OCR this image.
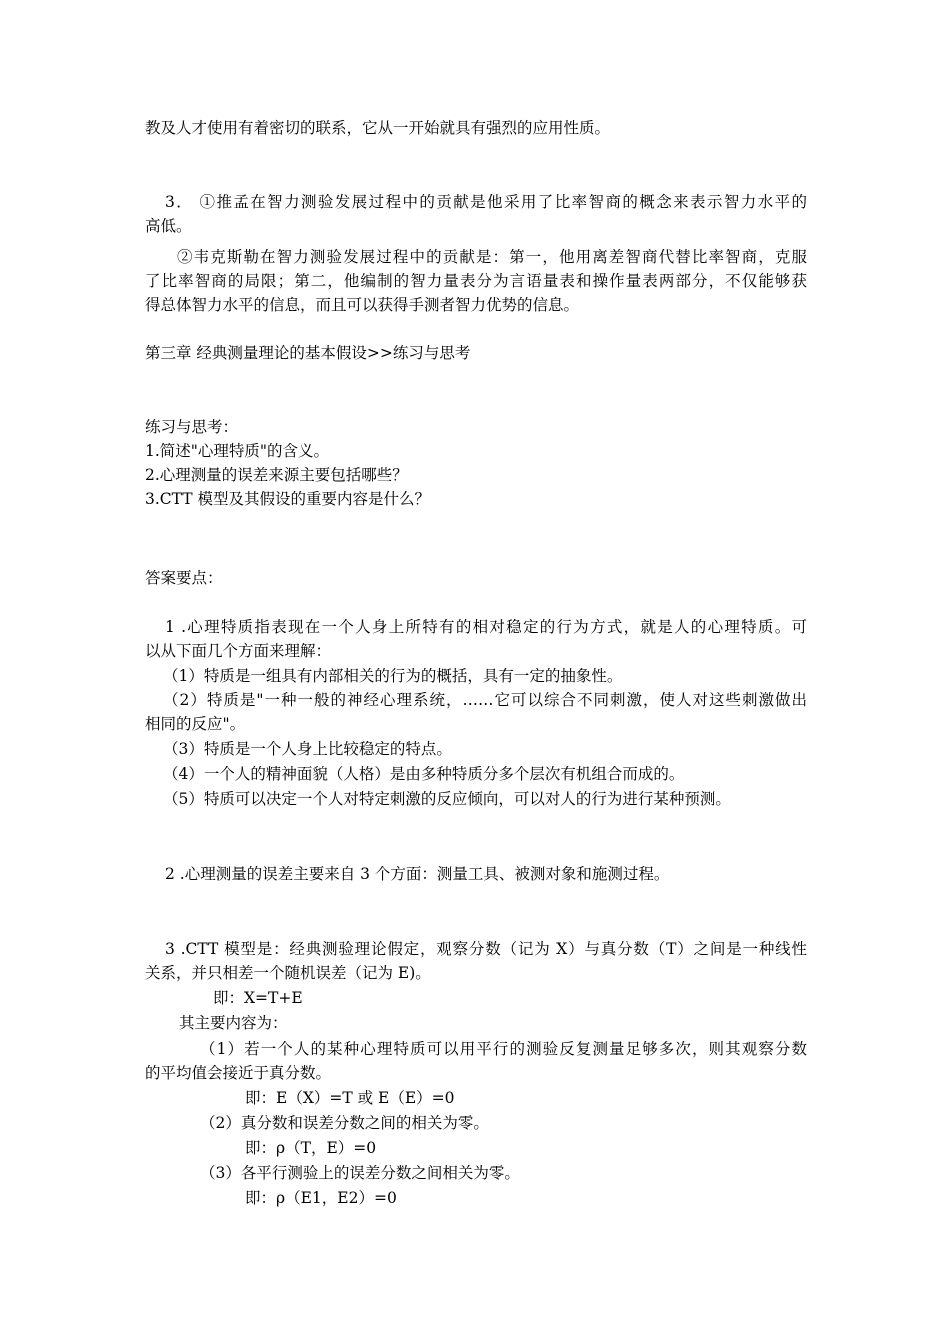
教及人才使用有着密切的联系，它从一开始就具有强烈的应用性质。

3． ①推孟在智力测验发展过程中的贡献是他采用了比率智商的概念来表示智力水平的

高低。

②韦克斯勒在智力测验发展过程中的贡献是：第一，他用离差智商代替比率智商，克服

了比率智商的局限；第二，他编制的智力量表分为言语量表和操作量表两部分，不仅能够获

得总体智力水平的信息，而且可以获得手测者智力优势的信息。

第三章 经典测量理论的基本假设>>练习与思考

练习与思考：

1.简述"心理特质"的含义。

2.心理测量的误差来源主要包括哪些？

3.CTT 模型及其假设的重要内容是什么？

答案要点：

1 .心理特质指表现在一个人身上所特有的相对稳定的行为方式，就是人的心理特质。可

以从下面几个方面来理解：

（1）特质是一组具有内部相关的行为的概括，具有一定的抽象性。

（2）特质是"一种一般的神经心理系统，……它可以综合不同刺激，使人对这些刺激做出

相同的反应"。

（3）特质是一个人身上比较稳定的特点。

（4）一个人的精神面貌（人格）是由多种特质分多个层次有机组合而成的。

（5）特质可以决定一个人对特定刺激的反应倾向，可以对人的行为进行某种预测。

2 .心理测量的误差主要来自 3 个方面：测量工具、被测对象和施测过程。

3 .CTT 模型是：经典测验理论假定，观察分数（记为 X）与真分数（T）之间是一种线性

关系，并只相差一个随机误差（记为 E)。

即：X=T+E

其主要内容为：

（1）若一个人的某种心理特质可以用平行的测验反复测量足够多次，则其观察分数

的平均值会接近于真分数。

即：E（X）=T 或 E（E）=0

（2）真分数和误差分数之间的相关为零。

即：ρ（T，E）=0

（3）各平行测验上的误差分数之间相关为零。

即：ρ（E1，E2）=0
